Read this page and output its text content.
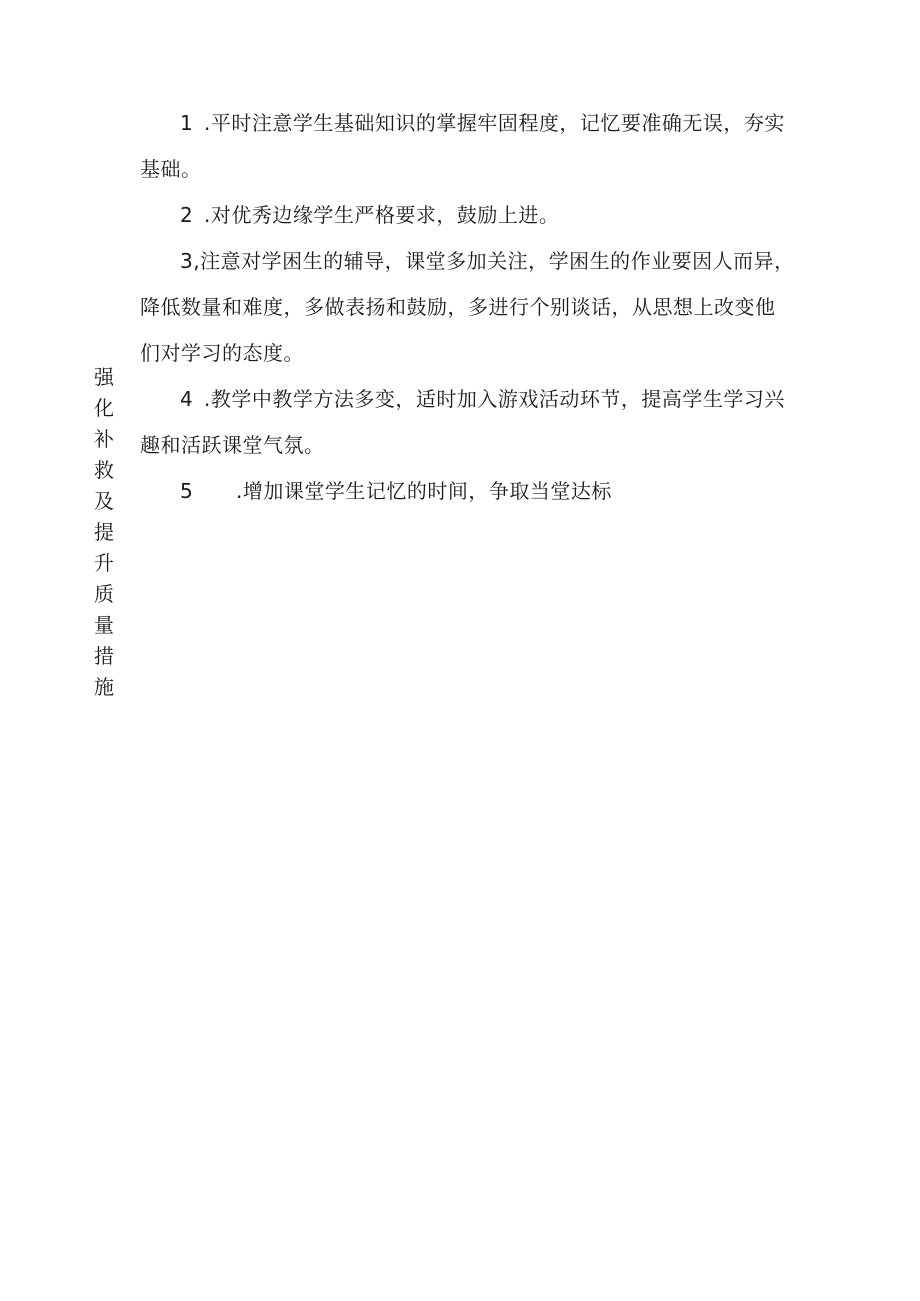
强化补救及提升质量措施

1 .平时注意学生基础知识的掌握牢固程度，记忆要准确无误，夯实基础。

2 .对优秀边缘学生严格要求，鼓励上进。

3,注意对学困生的辅导，课堂多加关注，学困生的作业要因人而异，降低数量和难度，多做表扬和鼓励，多进行个别谈话，从思想上改变他们对学习的态度。

4 .教学中教学方法多变，适时加入游戏活动环节，提高学生学习兴趣和活跃课堂气氛。

5 .增加课堂学生记忆的时间，争取当堂达标
